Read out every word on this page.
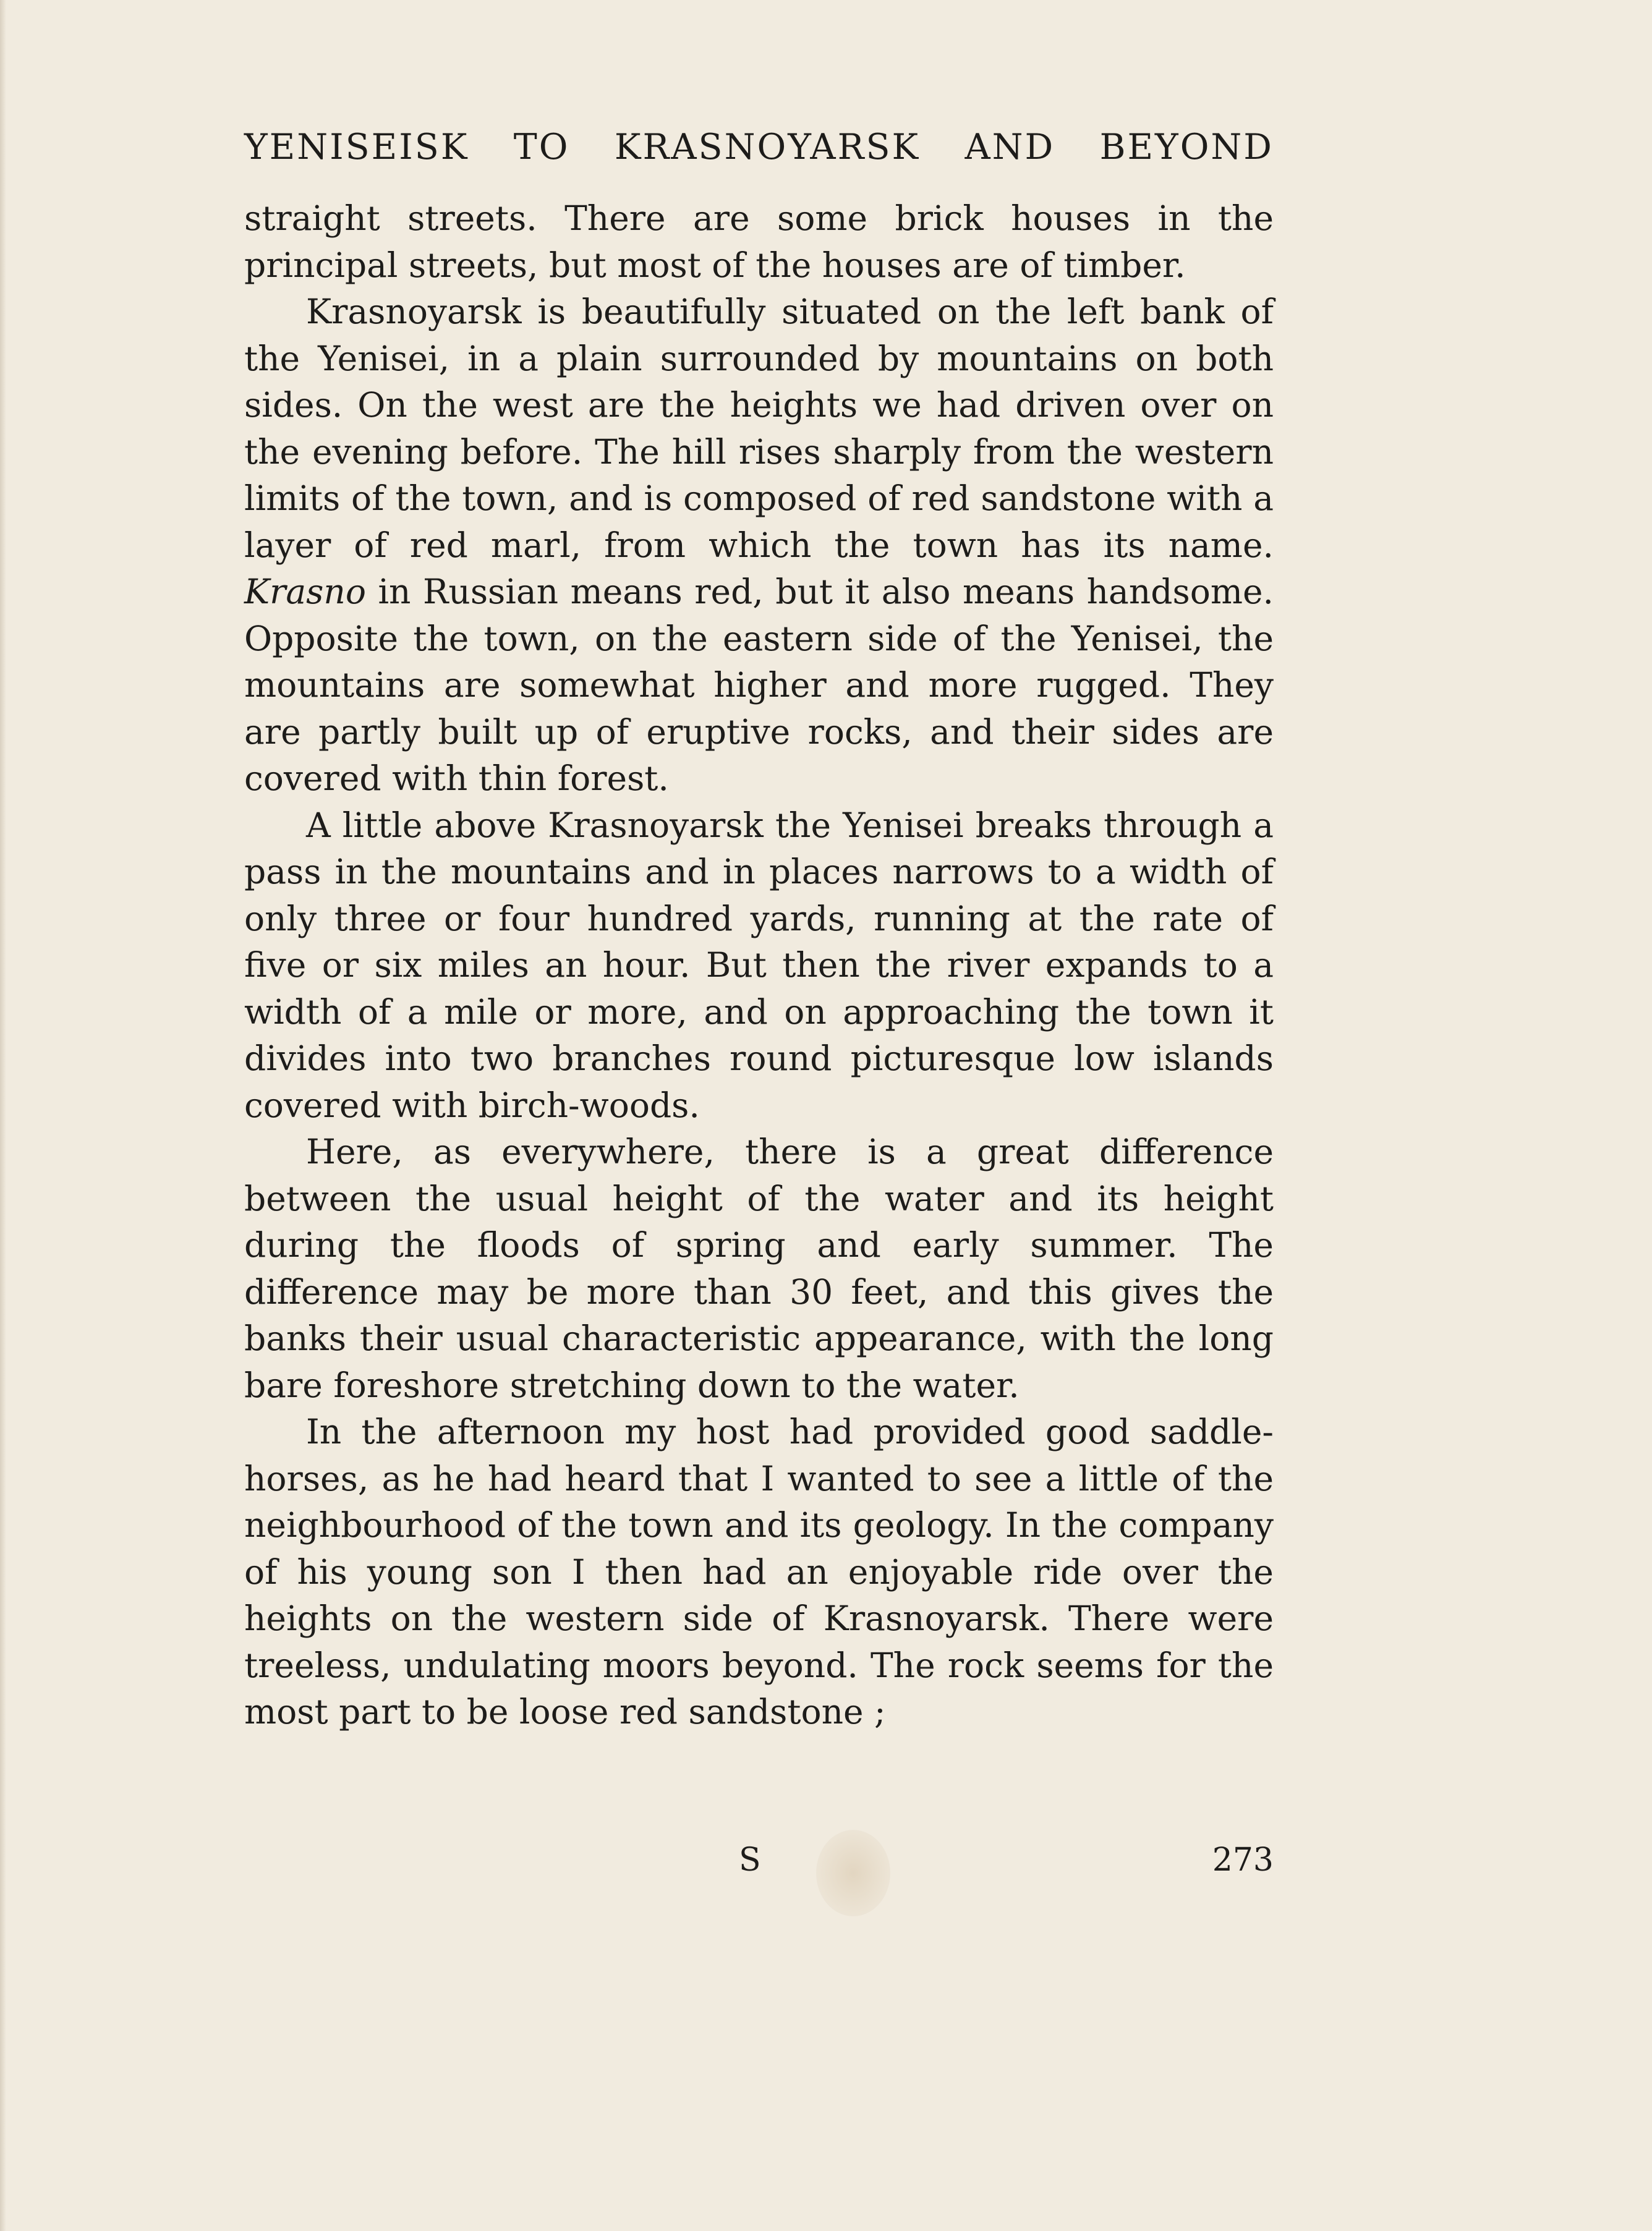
YENISEISK TO KRASNOYARSK AND BEYOND

straight streets. There are some brick houses in the principal streets, but most of the houses are of timber.

Krasnoyarsk is beautifully situated on the left bank of the Yenisei, in a plain surrounded by mountains on both sides. On the west are the heights we had driven over on the evening before. The hill rises sharply from the western limits of the town, and is composed of red sandstone with a layer of red marl, from which the town has its name. Krasno in Russian means red, but it also means handsome. Opposite the town, on the eastern side of the Yenisei, the mountains are somewhat higher and more rugged. They are partly built up of eruptive rocks, and their sides are covered with thin forest.

A little above Krasnoyarsk the Yenisei breaks through a pass in the mountains and in places narrows to a width of only three or four hundred yards, running at the rate of five or six miles an hour. But then the river expands to a width of a mile or more, and on approaching the town it divides into two branches round picturesque low islands covered with birch-woods.

Here, as everywhere, there is a great difference between the usual height of the water and its height during the floods of spring and early summer. The difference may be more than 30 feet, and this gives the banks their usual characteristic appearance, with the long bare foreshore stretching down to the water.

In the afternoon my host had provided good saddle-horses, as he had heard that I wanted to see a little of the neighbourhood of the town and its geology. In the company of his young son I then had an enjoyable ride over the heights on the western side of Krasnoyarsk. There were treeless, undulating moors beyond. The rock seems for the most part to be loose red sandstone ;

S	273
